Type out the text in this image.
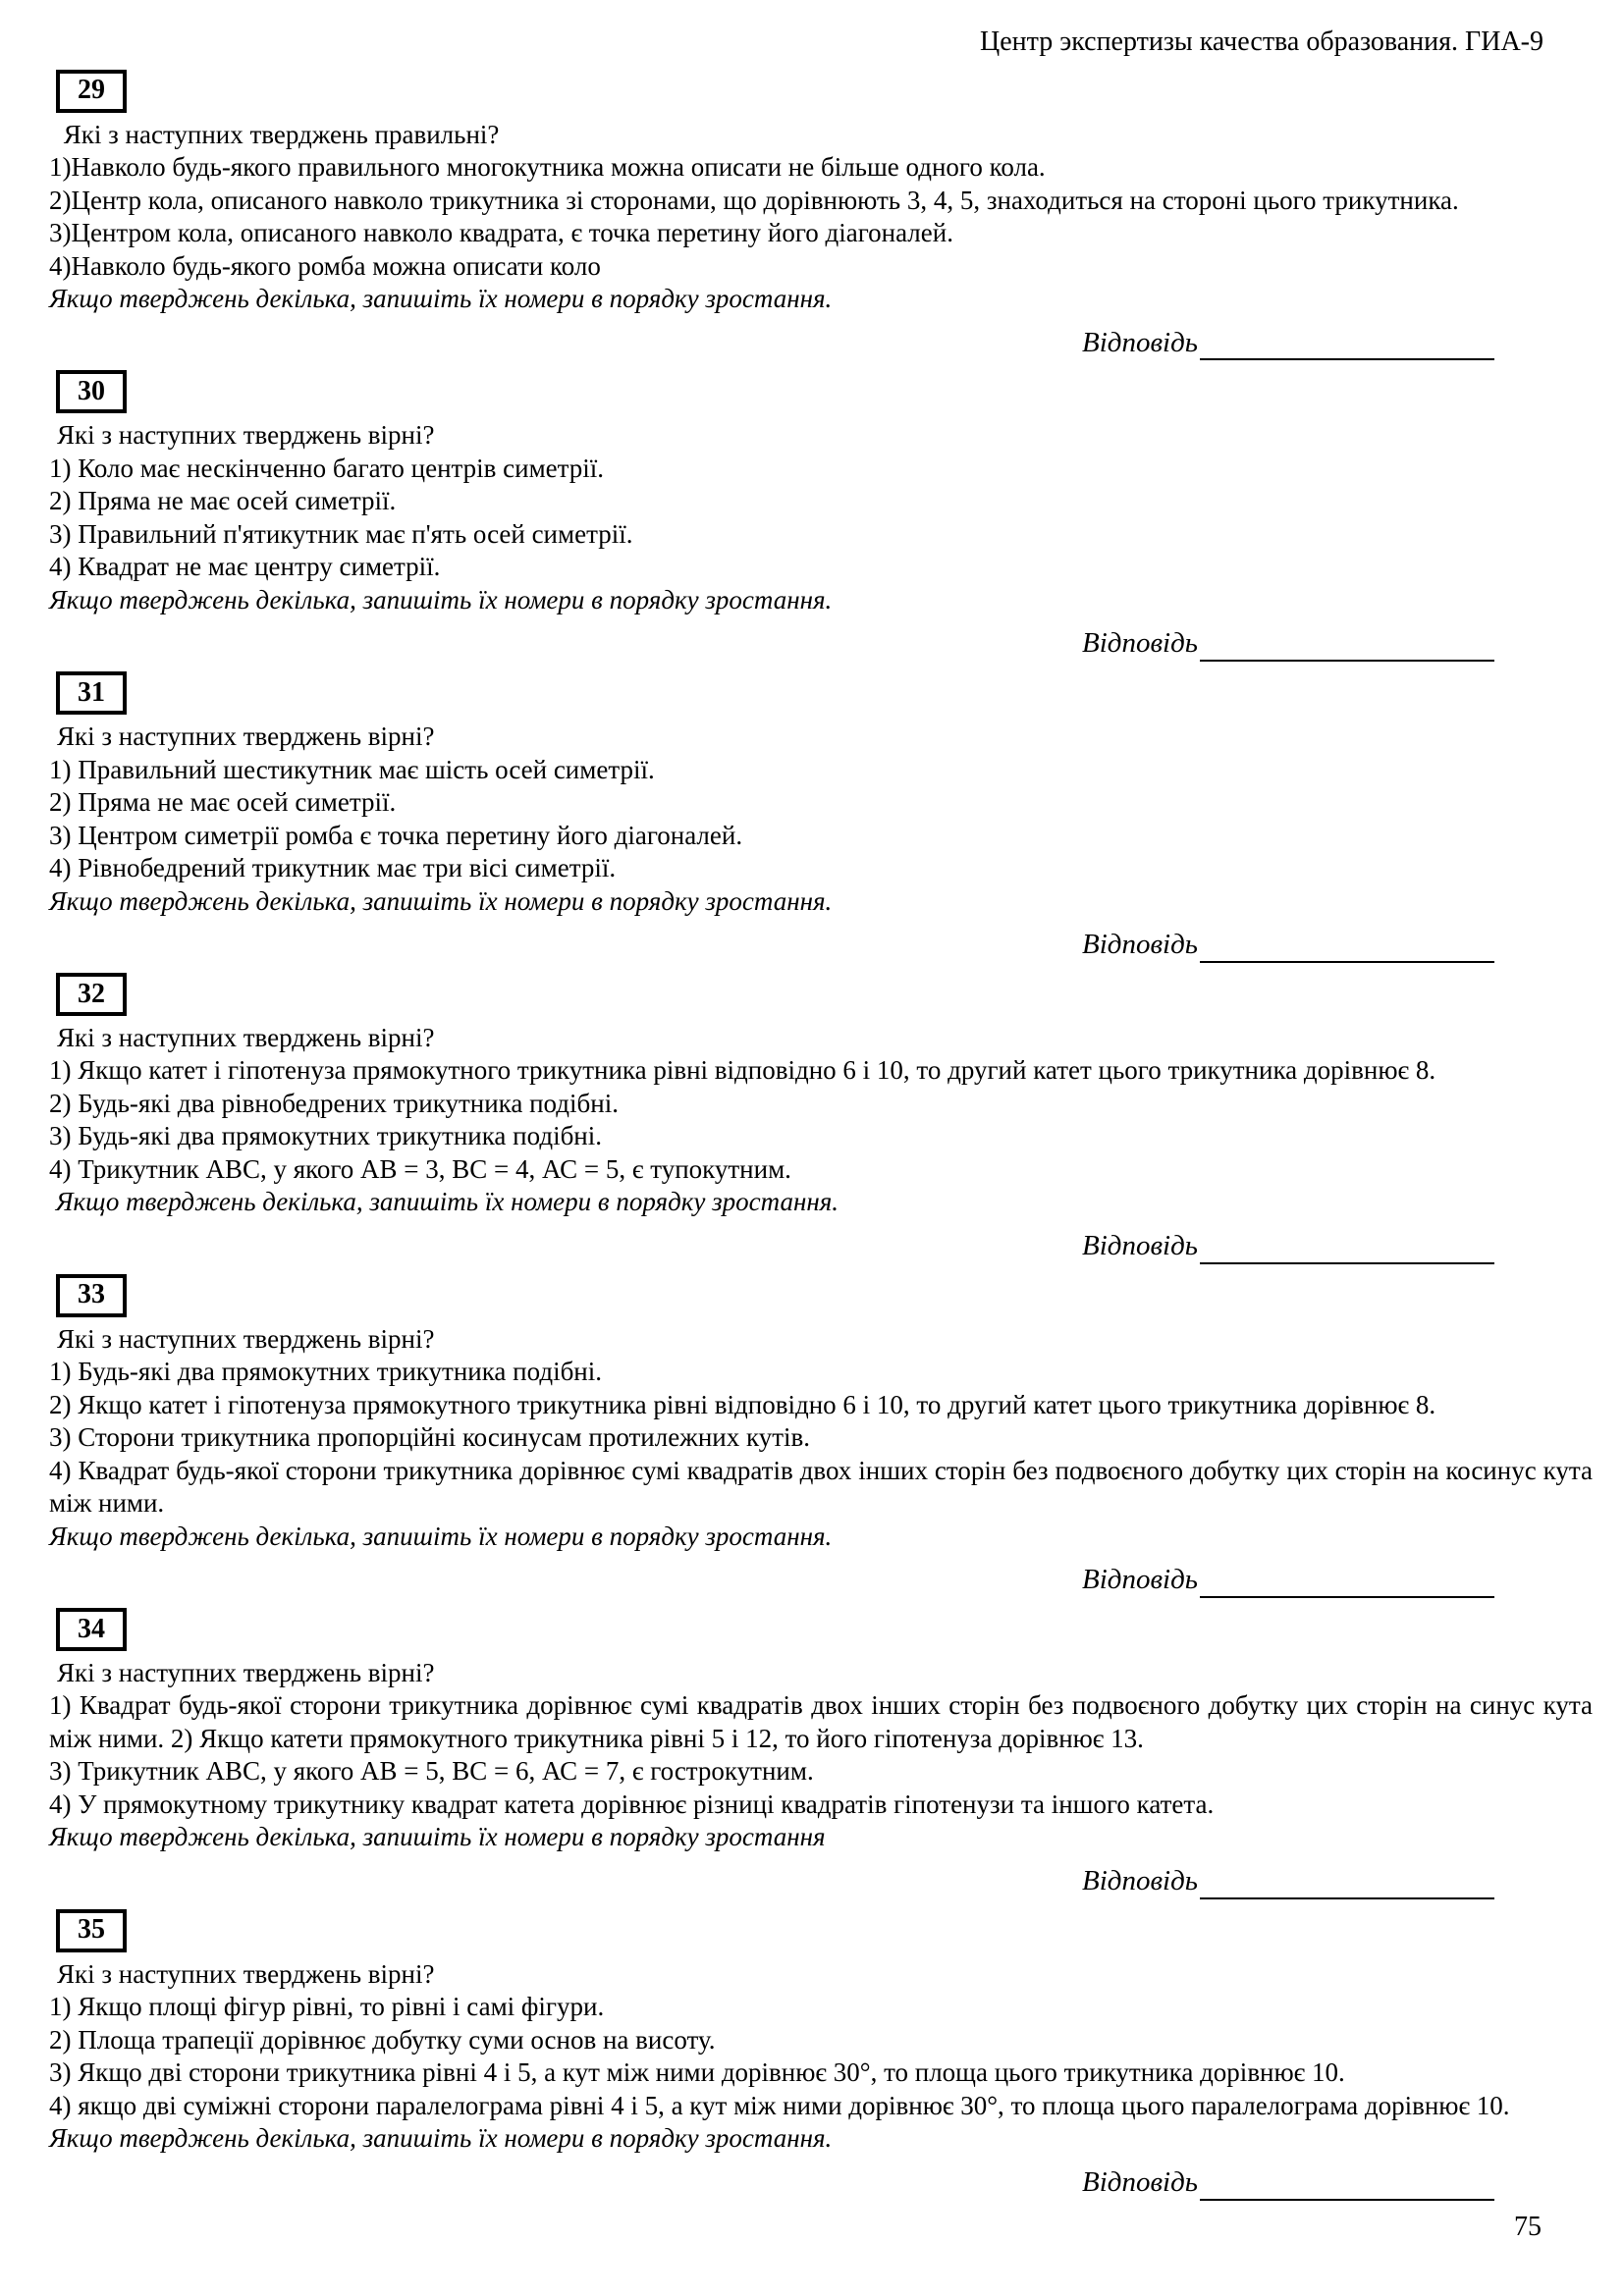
Центр экспертизы качества образования. ГИА-9
29

Які з наступних тверджень правильні?

1)Навколо будь-якого правильного многокутника можна описати не більше одного кола.

2)Центр кола, описаного навколо трикутника зі сторонами, що дорівнюють 3, 4, 5, знаходиться на стороні цього трикутника.

3)Центром кола, описаного навколо квадрата, є точка перетину його діагоналей.

4)Навколо будь-якого ромба можна описати коло

Якщо тверджень декілька, запишіть їх номери в порядку зростання.

Відповідь
30

Які з наступних тверджень вірні?

1) Коло має нескінченно багато центрів симетрії.

2) Пряма не має осей симетрії.

3) Правильний п'ятикутник має п'ять осей симетрії.

4) Квадрат не має центру симетрії.

Якщо тверджень декілька, запишіть їх номери в порядку зростання.

Відповідь
31

Які з наступних тверджень вірні?

1) Правильний шестикутник має шість осей симетрії.

2) Пряма не має осей симетрії.

3) Центром симетрії ромба є точка перетину його діагоналей.

4) Рівнобедрений трикутник має три вісі симетрії.

Якщо тверджень декілька, запишіть їх номери в порядку зростання.

Відповідь
32

Які з наступних тверджень вірні?

1) Якщо катет і гіпотенуза прямокутного трикутника рівні відповідно 6 і 10, то другий катет цього трикутника дорівнює 8.

2) Будь-які два рівнобедрених трикутника подібні.

3) Будь-які два прямокутних трикутника подібні.

4) Трикутник АВС, у якого АВ = 3, ВС = 4, АС = 5, є тупокутним.

Якщо тверджень декілька, запишіть їх номери в порядку зростання.

Відповідь
33

Які з наступних тверджень вірні?

1) Будь-які два прямокутних трикутника подібні.

2) Якщо катет і гіпотенуза прямокутного трикутника рівні відповідно 6 і 10, то другий катет цього трикутника дорівнює 8.

3) Сторони трикутника пропорційні косинусам протилежних кутів.

4) Квадрат будь-якої сторони трикутника дорівнює сумі квадратів двох інших сторін без подвоєного добутку цих сторін на косинус кута між ними.

Якщо тверджень декілька, запишіть їх номери в порядку зростання.

Відповідь
34

Які з наступних тверджень вірні?

1) Квадрат будь-якої сторони трикутника дорівнює сумі квадратів двох інших сторін без подвоєного добутку цих сторін на синус кута між ними. 2) Якщо катети прямокутного трикутника рівні 5 і 12, то його гіпотенуза дорівнює 13.

3) Трикутник АВС, у якого АВ = 5, ВС = 6, АС = 7, є гострокутним.

4) У прямокутному трикутнику квадрат катета дорівнює різниці квадратів гіпотенузи та іншого катета.

Якщо тверджень декілька, запишіть їх номери в порядку зростання

Відповідь
35

Які з наступних тверджень вірні?

1) Якщо площі фігур рівні, то рівні і самі фігури.

2) Площа трапеції дорівнює добутку суми основ на висоту.

3) Якщо дві сторони трикутника рівні 4 і 5, а кут між ними дорівнює 30°, то площа цього трикутника дорівнює 10.

4) якщо дві суміжні сторони паралелограма рівні 4 і 5, а кут між ними дорівнює 30°, то площа цього паралелограма дорівнює 10.

Якщо тверджень декілька, запишіть їх номери в порядку зростання.

Відповідь
75
